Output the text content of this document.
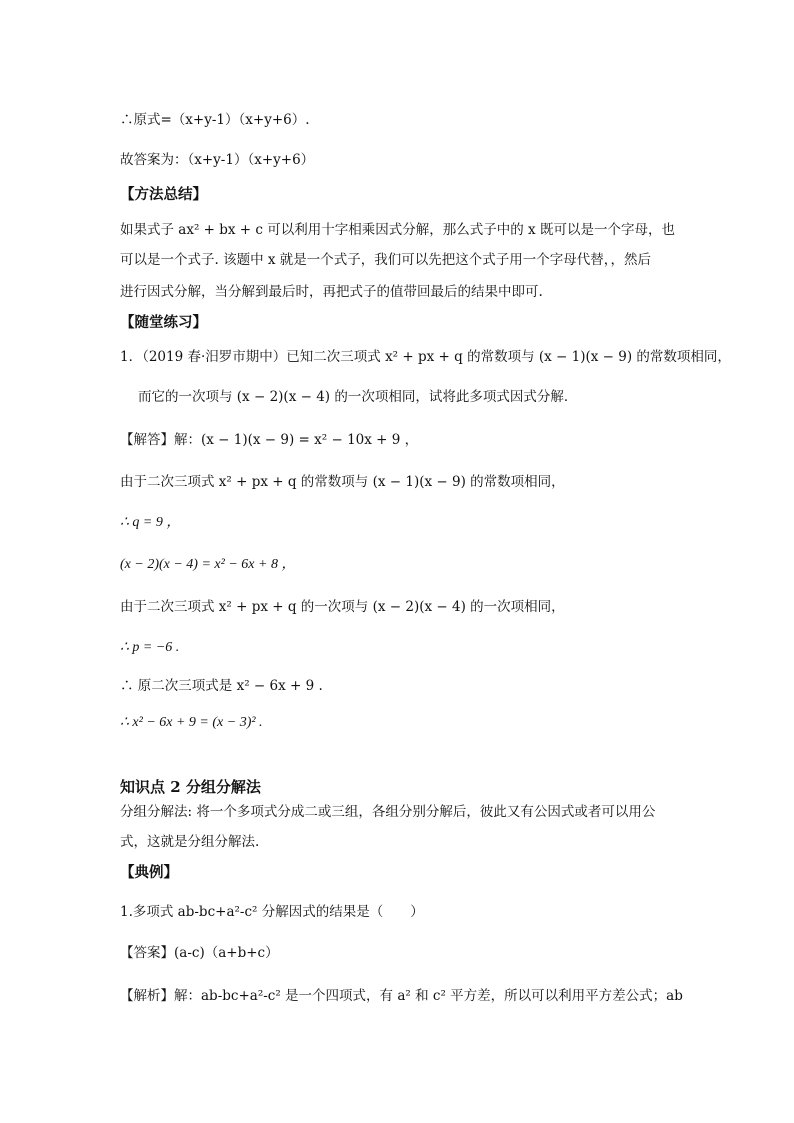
∴原式=（x+y-1）（x+y+6）.
故答案为：（x+y-1）（x+y+6）
【方法总结】
如果式子 ax² + bx + c 可以利用十字相乘因式分解，那么式子中的 x 既可以是一个字母，也
可以是一个式子. 该题中 x 就是一个式子，我们可以先把这个式子用一个字母代替，，然后
进行因式分解，当分解到最后时，再把式子的值带回最后的结果中即可.
【随堂练习】
1．（2019 春·汨罗市期中）已知二次三项式 x² + px + q 的常数项与 (x − 1)(x − 9) 的常数项相同，
而它的一次项与 (x − 2)(x − 4) 的一次项相同，试将此多项式因式分解．
【解答】解：(x − 1)(x − 9) = x² − 10x + 9 ，
由于二次三项式 x² + px + q 的常数项与 (x − 1)(x − 9) 的常数项相同，
∴ q = 9 ，
(x − 2)(x − 4) = x² − 6x + 8 ，
由于二次三项式 x² + px + q 的一次项与 (x − 2)(x − 4) 的一次项相同，
∴ p = −6 .
∴ 原二次三项式是 x² − 6x + 9 .
∴ x² − 6x + 9 = (x − 3)² .
知识点 2 分组分解法
分组分解法: 将一个多项式分成二或三组，各组分别分解后，彼此又有公因式或者可以用公
式，这就是分组分解法.
【典例】
1.多项式 ab-bc+a²-c² 分解因式的结果是（　　）
【答案】(a-c)（a+b+c）
【解析】解：ab-bc+a²-c² 是一个四项式，有 a² 和 c² 平方差，所以可以利用平方差公式；ab
